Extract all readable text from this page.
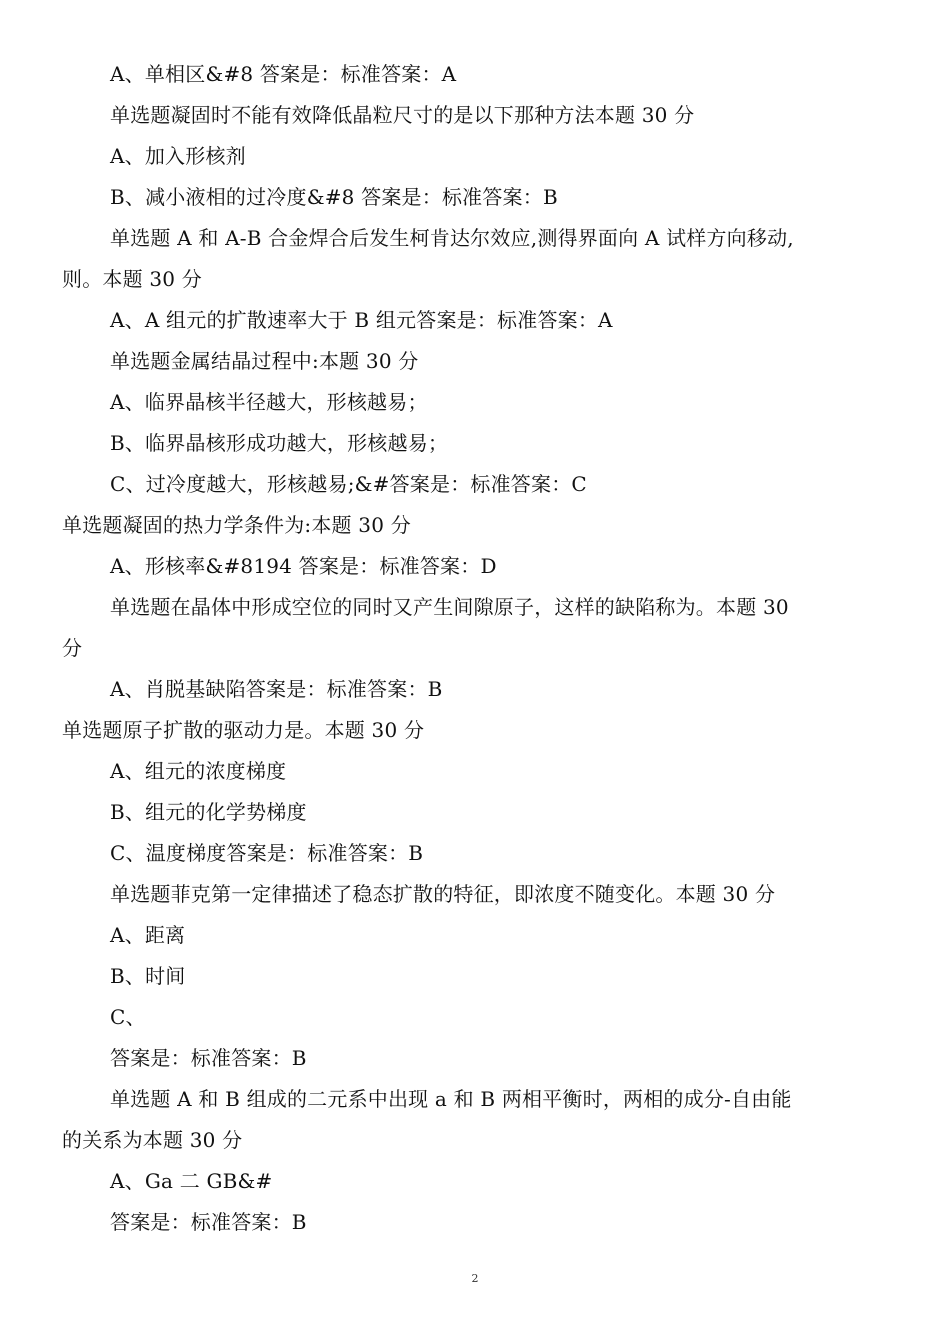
A、单相区&#8 答案是：标准答案：A
单选题凝固时不能有效降低晶粒尺寸的是以下那种方法本题 30 分
A、加入形核剂
B、减小液相的过冷度&#8 答案是：标准答案：B
单选题 A 和 A-B 合金焊合后发生柯肯达尔效应,测得界面向 A 试样方向移动,
则。本题 30 分
A、A 组元的扩散速率大于 B 组元答案是：标准答案：A
单选题金属结晶过程中:本题 30 分
A、临界晶核半径越大，形核越易；
B、临界晶核形成功越大，形核越易；
C、过冷度越大，形核越易;&#答案是：标准答案：C
单选题凝固的热力学条件为:本题 30 分
A、形核率&#8194 答案是：标准答案：D
单选题在晶体中形成空位的同时又产生间隙原子，这样的缺陷称为。本题 30
分
A、肖脱基缺陷答案是：标准答案：B
单选题原子扩散的驱动力是。本题 30 分
A、组元的浓度梯度
B、组元的化学势梯度
C、温度梯度答案是：标准答案：B
单选题菲克第一定律描述了稳态扩散的特征，即浓度不随变化。本题 30 分
A、距离
B、时间
C、
答案是：标准答案：B
单选题 A 和 B 组成的二元系中出现 a 和 B 两相平衡时，两相的成分-自由能
的关系为本题 30 分
A、Ga 二 GB&#
答案是：标准答案：B
2
